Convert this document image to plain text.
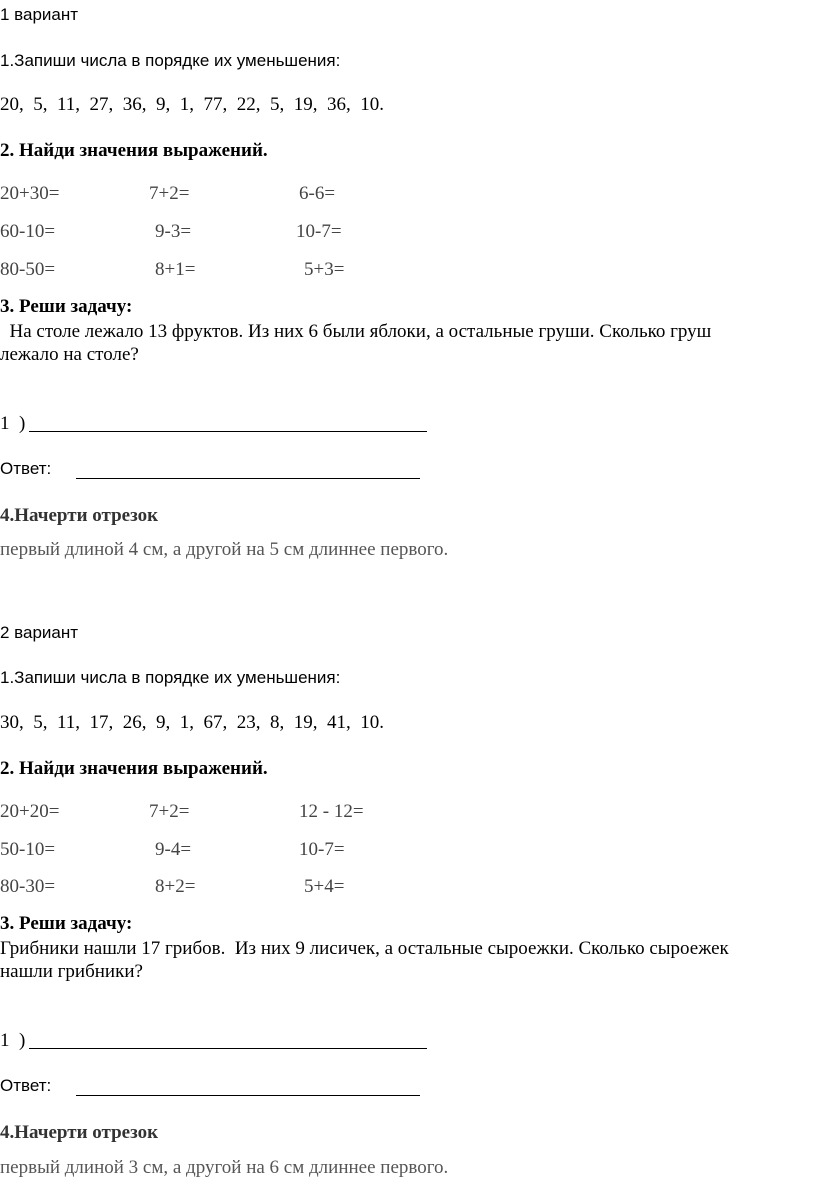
1 вариант
1.Запиши числа в порядке их уменьшения:
20,  5,  11,  27,  36,  9,  1,  77,  22,  5,  19,  36,  10.
2. Найди значения выражений.
20+30=	7+2=	6-6=
60-10=	9-3=	10-7=
80-50=	8+1=	5+3=
3. Реши задачу:
На столе лежало 13 фруктов. Из них 6 были яблоки, а остальные груши. Сколько груш
лежало на столе?
1  )
Ответ:
4.Начерти отрезок
первый длиной 4 см, а другой на 5 см длиннее первого.
2 вариант
1.Запиши числа в порядке их уменьшения:
30,  5,  11,  17,  26,  9,  1,  67,  23,  8,  19,  41,  10.
2. Найди значения выражений.
20+20=	7+2=	12 - 12=
50-10=	9-4=	10-7=
80-30=	8+2=	5+4=
3. Реши задачу:
Грибники нашли 17 грибов.  Из них 9 лисичек, а остальные сыроежки. Сколько сыроежек
нашли грибники?
1  )
Ответ:
4.Начерти отрезок
первый длиной 3 см, а другой на 6 см длиннее первого.
